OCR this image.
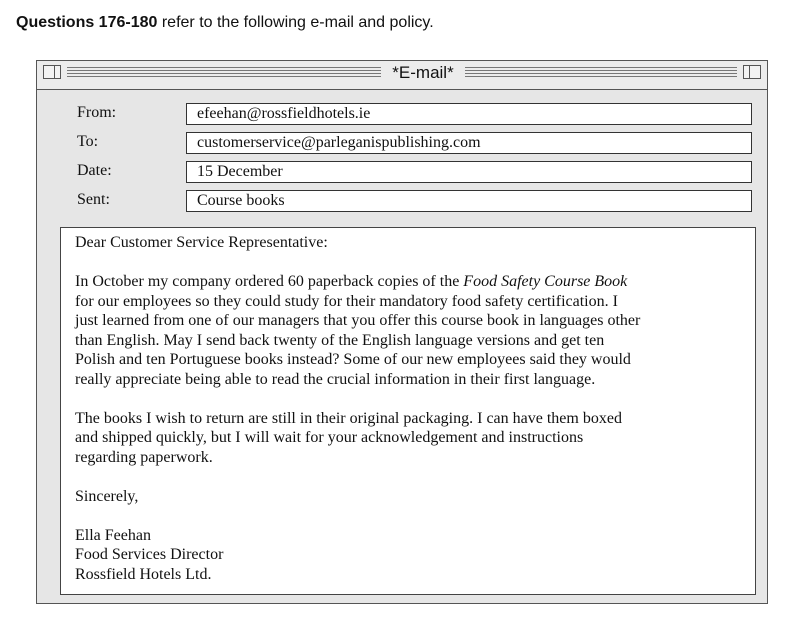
Questions 176-180 refer to the following e-mail and policy.
*E-mail*
From:	efeehan@rossfieldhotels.ie
To:	customerservice@parleganispublishing.com
Date:	15 December
Sent:	Course books
Dear Customer Service Representative:
In October my company ordered 60 paperback copies of the Food Safety Course Book
for our employees so they could study for their mandatory food safety certification. I
just learned from one of our managers that you offer this course book in languages other
than English. May I send back twenty of the English language versions and get ten
Polish and ten Portuguese books instead? Some of our new employees said they would
really appreciate being able to read the crucial information in their first language.
The books I wish to return are still in their original packaging. I can have them boxed
and shipped quickly, but I will wait for your acknowledgement and instructions
regarding paperwork.
Sincerely,
Ella Feehan
Food Services Director
Rossfield Hotels Ltd.
